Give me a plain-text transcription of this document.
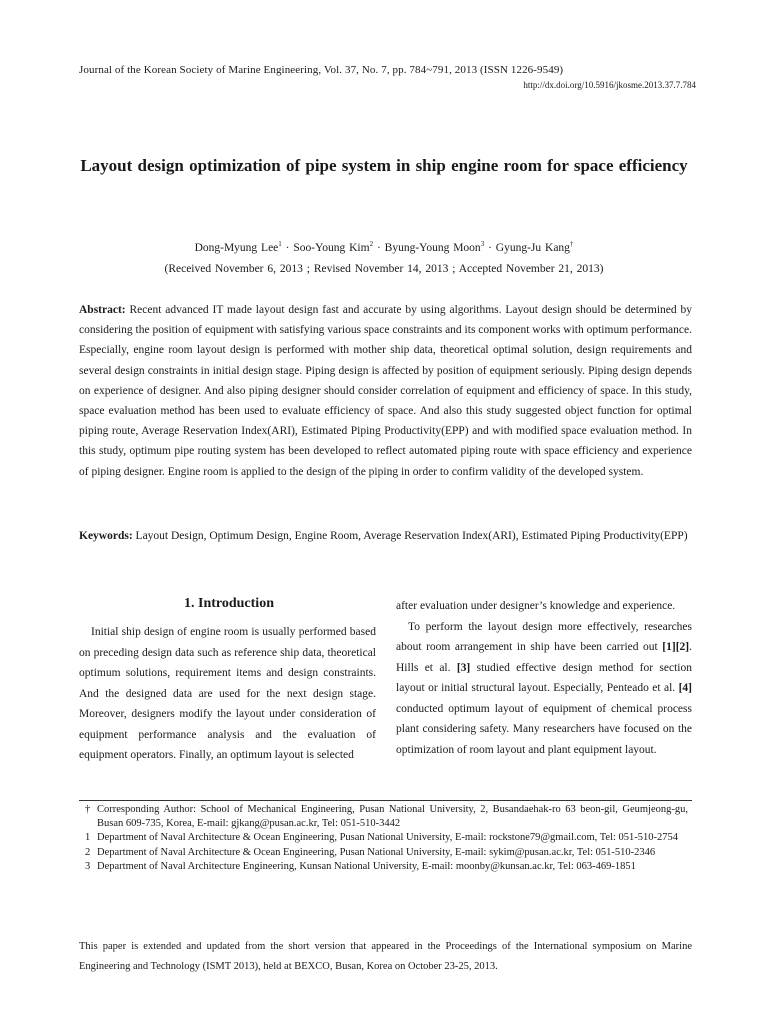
Journal of the Korean Society of Marine Engineering, Vol. 37, No. 7, pp. 784~791, 2013 (ISSN 1226-9549)
http://dx.doi.org/10.5916/jkosme.2013.37.7.784
Layout design optimization of pipe system in ship engine room for space efficiency
Dong-Myung Lee$^1$ · Soo-Young Kim$^2$ · Byung-Young Moon$^3$ · Gyung-Ju Kang†
(Received November 6, 2013 ; Revised November 14, 2013 ; Accepted November 21, 2013)
Abstract: Recent advanced IT made layout design fast and accurate by using algorithms. Layout design should be determined by considering the position of equipment with satisfying various space constraints and its component works with optimum performance. Especially, engine room layout design is performed with mother ship data, theoretical optimal solution, design requirements and several design constraints in initial design stage. Piping design is affected by position of equipment seriously. Piping design depends on experience of designer. And also piping designer should consider correlation of equipment and efficiency of space. In this study, space evaluation method has been used to evaluate efficiency of space. And also this study suggested object function for optimal piping route, Average Reservation Index(ARI), Estimated Piping Productivity(EPP) and with modified space evaluation method. In this study, optimum pipe routing system has been developed to reflect automated piping route with space efficiency and experience of piping designer. Engine room is applied to the design of the piping in order to confirm validity of the developed system.
Keywords: Layout Design, Optimum Design, Engine Room, Average Reservation Index(ARI), Estimated Piping Productivity(EPP)
1. Introduction

Initial ship design of engine room is usually performed based on preceding design data such as reference ship data, theoretical optimum solutions, requirement items and design constraints. And the designed data are used for the next design stage. Moreover, designers modify the layout under consideration of equipment performance analysis and the evaluation of equipment operators. Finally, an optimum layout is selected

after evaluation under designer’s knowledge and experience.

To perform the layout design more effectively, researches about room arrangement in ship have been carried out [1][2]. Hills et al. [3] studied effective design method for section layout or initial structural layout. Especially, Penteado et al. [4] conducted optimum layout of equipment of chemical process plant considering safety. Many researchers have focused on the optimization of room layout and plant equipment layout.

† Corresponding Author: School of Mechanical Engineering, Pusan National University, 2, Busandaehak-ro 63 beon-gil, Geumjeong-gu, Busan 609-735, Korea, E-mail: gjkang@pusan.ac.kr, Tel: 051-510-3442
1 Department of Naval Architecture & Ocean Engineering, Pusan National University, E-mail: rockstone79@gmail.com, Tel: 051-510-2754
2 Department of Naval Architecture & Ocean Engineering, Pusan National University, E-mail: sykim@pusan.ac.kr, Tel: 051-510-2346
3 Department of Naval Architecture Engineering, Kunsan National University, E-mail: moonby@kunsan.ac.kr, Tel: 063-469-1851
This paper is extended and updated from the short version that appeared in the Proceedings of the International symposium on Marine Engineering and Technology (ISMT 2013), held at BEXCO, Busan, Korea on October 23-25, 2013.
